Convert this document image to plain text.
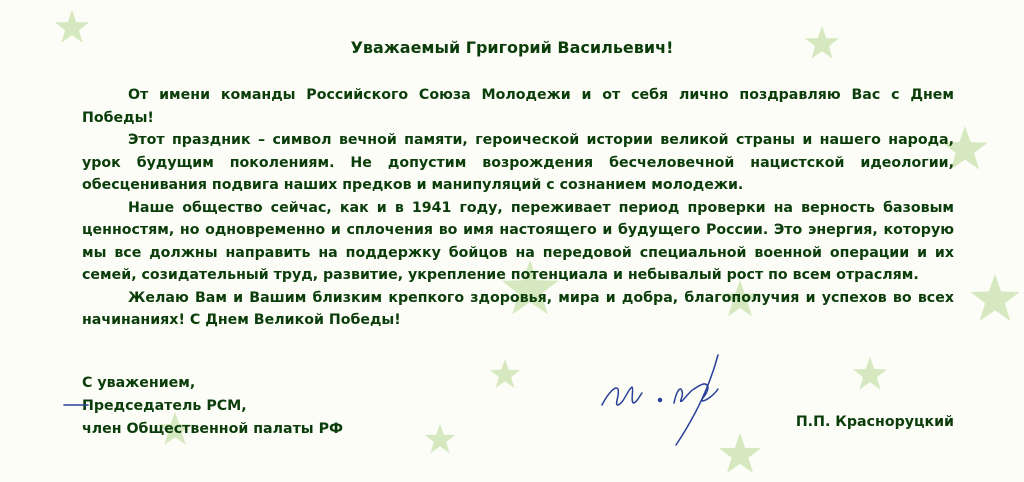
Уважаемый Григорий Васильевич!

От имени команды Российского Союза Молодежи и от себя лично поздравляю Вас с Днем Победы!

Этот праздник – символ вечной памяти, героической истории великой страны и нашего народа, урок будущим поколениям. Не допустим возрождения бесчеловечной нацистской идеологии, обесценивания подвига наших предков и манипуляций с сознанием молодежи.

Наше общество сейчас, как и в 1941 году, переживает период проверки на верность базовым ценностям, но одновременно и сплочения во имя настоящего и будущего России. Это энергия, которую мы все должны направить на поддержку бойцов на передовой специальной военной операции и их семей, созидательный труд, развитие, укрепление потенциала и небывалый рост по всем отраслям.

Желаю Вам и Вашим близким крепкого здоровья, мира и добра, благополучия и успехов во всех начинаниях! С Днем Великой Победы!

С уважением,
Председатель РСМ,
член Общественной палаты РФ	П.П. Красноруцкий
